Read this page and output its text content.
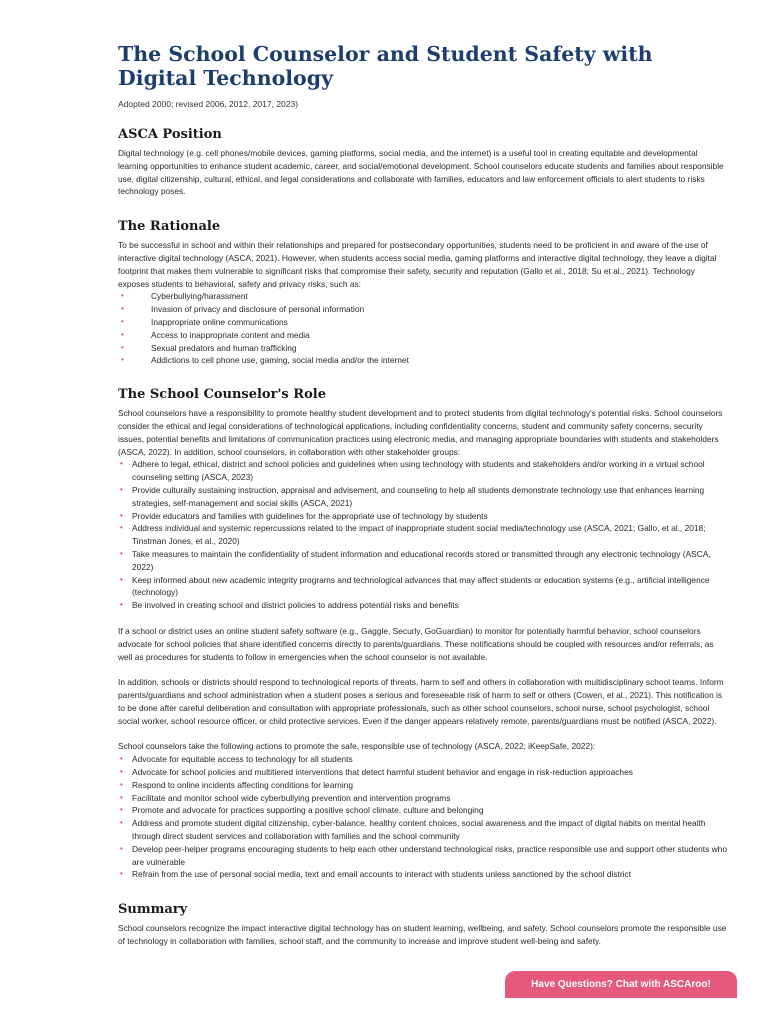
The School Counselor and Student Safety with Digital Technology

Adopted 2000; revised 2006, 2012, 2017, 2023)

ASCA Position

Digital technology (e.g. cell phones/mobile devices, gaming platforms, social media, and the internet) is a useful tool in creating equitable and developmental learning opportunities to enhance student academic, career, and social/emotional development. School counselors educate students and families about responsible use, digital citizenship, cultural, ethical, and legal considerations and collaborate with families, educators and law enforcement officials to alert students to risks technology poses.

The Rationale

To be successful in school and within their relationships and prepared for postsecondary opportunities, students need to be proficient in and aware of the use of interactive digital technology (ASCA, 2021). However, when students access social media, gaming platforms and interactive digital technology, they leave a digital footprint that makes them vulnerable to significant risks that compromise their safety, security and reputation (Gallo et al., 2018; Su et al., 2021). Technology exposes students to behavioral, safety and privacy risks, such as:

•	Cyberbullying/harassment
•	Invasion of privacy and disclosure of personal information
•	Inappropriate online communications
•	Access to inappropriate content and media
•	Sexual predators and human trafficking
•	Addictions to cell phone use, gaming, social media and/or the internet
The School Counselor's Role

School counselors have a responsibility to promote healthy student development and to protect students from digital technology's potential risks. School counselors consider the ethical and legal considerations of technological applications, including confidentiality concerns, student and community safety concerns, security issues, potential benefits and limitations of communication practices using electronic media, and managing appropriate boundaries with students and stakeholders (ASCA, 2022). In addition, school counselors, in collaboration with other stakeholder groups:

• Adhere to legal, ethical, district and school policies and guidelines when using technology with students and stakeholders and/or working in a virtual school counseling setting (ASCA, 2023)
• Provide culturally sustaining instruction, appraisal and advisement, and counseling to help all students demonstrate technology use that enhances learning strategies, self-management and social skills (ASCA, 2021)
• Provide educators and families with guidelines for the appropriate use of technology by students
• Address individual and systemic repercussions related to the impact of inappropriate student social media/technology use (ASCA, 2021; Gallo, et al., 2018; Tinstman Jones, et al., 2020)
• Take measures to maintain the confidentiality of student information and educational records stored or transmitted through any electronic technology (ASCA, 2022)
• Keep informed about new academic integrity programs and technological advances that may affect students or education systems (e.g., artificial intelligence (technology)
• Be involved in creating school and district policies to address potential risks and benefits

If a school or district uses an online student safety software (e.g., Gaggle, Securly, GoGuardian) to monitor for potentially harmful behavior, school counselors advocate for school policies that share identified concerns directly to parents/guardians. These notifications should be coupled with resources and/or referrals, as well as procedures for students to follow in emergencies when the school counselor is not available.

In addition, schools or districts should respond to technological reports of threats, harm to self and others in collaboration with multidisciplinary school teams. Inform parents/guardians and school administration when a student poses a serious and foreseeable risk of harm to self or others (Cowen, et al., 2021). This notification is to be done after careful deliberation and consultation with appropriate professionals, such as other school counselors, school nurse, school psychologist, school social worker, school resource officer, or child protective services. Even if the danger appears relatively remote, parents/guardians must be notified (ASCA, 2022).

School counselors take the following actions to promote the safe, responsible use of technology (ASCA, 2022; iKeepSafe, 2022):

• Advocate for equitable access to technology for all students
• Advocate for school policies and multitiered interventions that detect harmful student behavior and engage in risk-reduction approaches
• Respond to online incidents affecting conditions for learning
• Facilitate and monitor school wide cyberbullying prevention and intervention programs
• Promote and advocate for practices supporting a positive school climate, culture and belonging
• Address and promote student digital citizenship, cyber-balance, healthy content choices, social awareness and the impact of digital habits on mental health through direct student services and collaboration with families and the school community
• Develop peer-helper programs encouraging students to help each other understand technological risks, practice responsible use and support other students who are vulnerable
• Refrain from the use of personal social media, text and email accounts to interact with students unless sanctioned by the school district
Summary

School counselors recognize the impact interactive digital technology has on student learning, wellbeing, and safety. School counselors promote the responsible use of technology in collaboration with families, school staff, and the community to increase and improve student well-being and safety.

Have Questions? Chat with ASCAroo!
